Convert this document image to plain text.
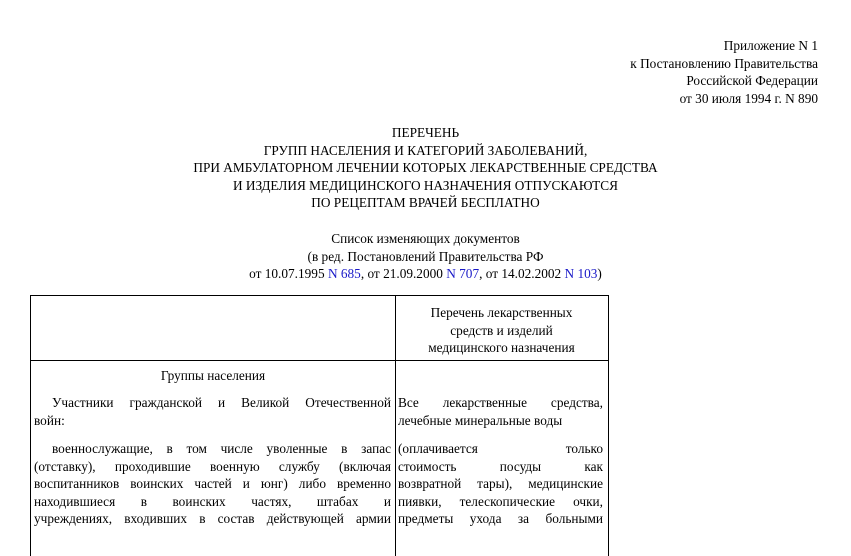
Приложение N 1
к Постановлению Правительства
Российской Федерации
от 30 июля 1994 г. N 890
ПЕРЕЧЕНЬ
ГРУПП НАСЕЛЕНИЯ И КАТЕГОРИЙ ЗАБОЛЕВАНИЙ,
ПРИ АМБУЛАТОРНОМ ЛЕЧЕНИИ КОТОРЫХ ЛЕКАРСТВЕННЫЕ СРЕДСТВА
И ИЗДЕЛИЯ МЕДИЦИНСКОГО НАЗНАЧЕНИЯ ОТПУСКАЮТСЯ
ПО РЕЦЕПТАМ ВРАЧЕЙ БЕСПЛАТНО
Список изменяющих документов
(в ред. Постановлений Правительства РФ
от 10.07.1995 N 685, от 21.09.2000 N 707, от 14.02.2002 N 103)
Перечень лекарственных
средств и изделий
медицинского назначения
Группы населения
Участники гражданской и Великой Отечественной
войн:
Все лекарственные средства,
лечебные минеральные воды
военнослужащие, в том числе уволенные в запас
(отставку), проходившие военную службу (включая
воспитанников воинских частей и юнг) либо временно
находившиеся в воинских частях, штабах и
учреждениях, входивших в состав действующей армии
(оплачивается только
стоимость посуды как
возвратной тары), медицинские
пиявки, телескопические очки,
предметы ухода за больными
